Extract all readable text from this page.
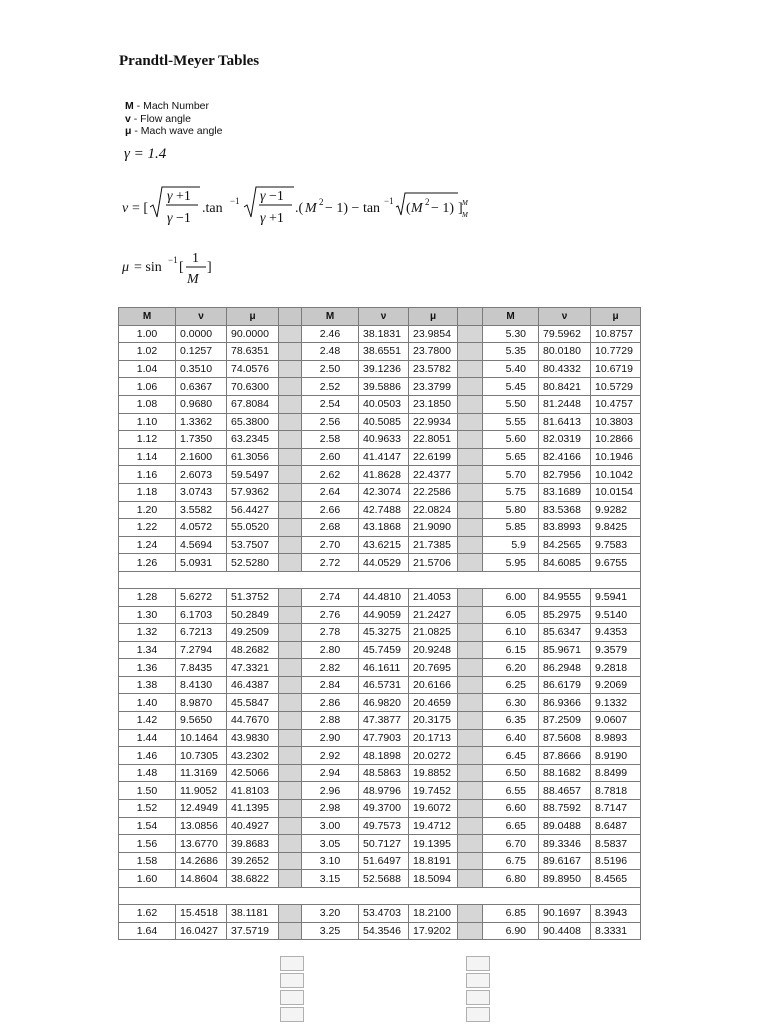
Prandtl-Meyer Tables
M - Mach Number
v - Flow angle
μ - Mach wave angle
γ = 1.4
ν = [
γ +1
γ −1
.tan −1 γ −1
γ +1
.( M 2 − 1) − tan −1 ( M 2 − 1) ] M
M
μ = sin −1 [
1
M
]
M	ν	μ		M	ν	μ		M	ν	μ
1.00	0.0000	90.0000		2.46	38.1831	23.9854		5.30	79.5962	10.8757
1.02	0.1257	78.6351		2.48	38.6551	23.7800		5.35	80.0180	10.7729
1.04	0.3510	74.0576		2.50	39.1236	23.5782		5.40	80.4332	10.6719
1.06	0.6367	70.6300		2.52	39.5886	23.3799		5.45	80.8421	10.5729
1.08	0.9680	67.8084		2.54	40.0503	23.1850		5.50	81.2448	10.4757
1.10	1.3362	65.3800		2.56	40.5085	22.9934		5.55	81.6413	10.3803
1.12	1.7350	63.2345		2.58	40.9633	22.8051		5.60	82.0319	10.2866
1.14	2.1600	61.3056		2.60	41.4147	22.6199		5.65	82.4166	10.1946
1.16	2.6073	59.5497		2.62	41.8628	22.4377		5.70	82.7956	10.1042
1.18	3.0743	57.9362		2.64	42.3074	22.2586		5.75	83.1689	10.0154
1.20	3.5582	56.4427		2.66	42.7488	22.0824		5.80	83.5368	9.9282
1.22	4.0572	55.0520		2.68	43.1868	21.9090		5.85	83.8993	9.8425
1.24	4.5694	53.7507		2.70	43.6215	21.7385		5.9	84.2565	9.7583
1.26	5.0931	52.5280		2.72	44.0529	21.5706		5.95	84.6085	9.6755

1.28	5.6272	51.3752		2.74	44.4810	21.4053		6.00	84.9555	9.5941
1.30	6.1703	50.2849		2.76	44.9059	21.2427		6.05	85.2975	9.5140
1.32	6.7213	49.2509		2.78	45.3275	21.0825		6.10	85.6347	9.4353
1.34	7.2794	48.2682		2.80	45.7459	20.9248		6.15	85.9671	9.3579
1.36	7.8435	47.3321		2.82	46.1611	20.7695		6.20	86.2948	9.2818
1.38	8.4130	46.4387		2.84	46.5731	20.6166		6.25	86.6179	9.2069
1.40	8.9870	45.5847		2.86	46.9820	20.4659		6.30	86.9366	9.1332
1.42	9.5650	44.7670		2.88	47.3877	20.3175		6.35	87.2509	9.0607
1.44	10.1464	43.9830		2.90	47.7903	20.1713		6.40	87.5608	8.9893
1.46	10.7305	43.2302		2.92	48.1898	20.0272		6.45	87.8666	8.9190
1.48	11.3169	42.5066		2.94	48.5863	19.8852		6.50	88.1682	8.8499
1.50	11.9052	41.8103		2.96	48.9796	19.7452		6.55	88.4657	8.7818
1.52	12.4949	41.1395		2.98	49.3700	19.6072		6.60	88.7592	8.7147
1.54	13.0856	40.4927		3.00	49.7573	19.4712		6.65	89.0488	8.6487
1.56	13.6770	39.8683		3.05	50.7127	19.1395		6.70	89.3346	8.5837
1.58	14.2686	39.2652		3.10	51.6497	18.8191		6.75	89.6167	8.5196
1.60	14.8604	38.6822		3.15	52.5688	18.5094		6.80	89.8950	8.4565

1.62	15.4518	38.1181		3.20	53.4703	18.2100		6.85	90.1697	8.3943
1.64	16.0427	37.5719		3.25	54.3546	17.9202		6.90	90.4408	8.3331
